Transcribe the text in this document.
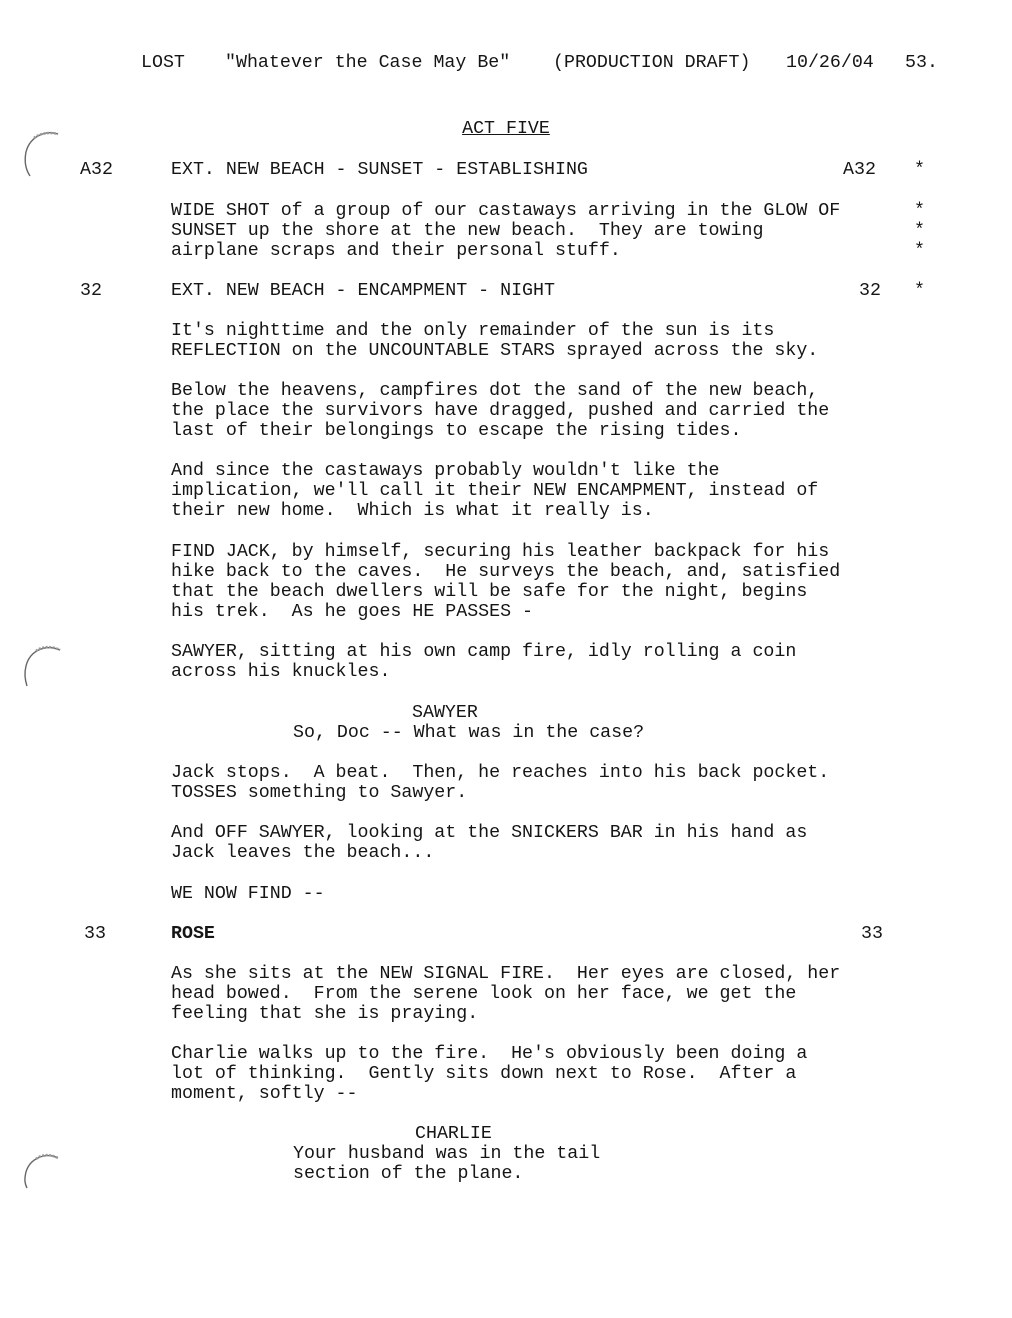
LOST "Whatever the Case May Be" (PRODUCTION DRAFT) 10/26/04 53.
ACT FIVE
A32	EXT. NEW BEACH - SUNSET - ESTABLISHING	A32 *
WIDE SHOT of a group of our castaways arriving in the GLOW OF
SUNSET up the shore at the new beach.  They are towing
airplane scraps and their personal stuff.
*
*
*
32	EXT. NEW BEACH - ENCAMPMENT - NIGHT	32 *
It's nighttime and the only remainder of the sun is its
REFLECTION on the UNCOUNTABLE STARS sprayed across the sky.
Below the heavens, campfires dot the sand of the new beach,
the place the survivors have dragged, pushed and carried the
last of their belongings to escape the rising tides.
And since the castaways probably wouldn't like the
implication, we'll call it their NEW ENCAMPMENT, instead of
their new home.  Which is what it really is.
FIND JACK, by himself, securing his leather backpack for his
hike back to the caves.  He surveys the beach, and, satisfied
that the beach dwellers will be safe for the night, begins
his trek.  As he goes HE PASSES -
SAWYER, sitting at his own camp fire, idly rolling a coin
across his knuckles.
SAWYER
So, Doc -- What was in the case?
Jack stops.  A beat.  Then, he reaches into his back pocket.
TOSSES something to Sawyer.
And OFF SAWYER, looking at the SNICKERS BAR in his hand as
Jack leaves the beach...
WE NOW FIND --
33	ROSE	33
As she sits at the NEW SIGNAL FIRE.  Her eyes are closed, her
head bowed.  From the serene look on her face, we get the
feeling that she is praying.
Charlie walks up to the fire.  He's obviously been doing a
lot of thinking.  Gently sits down next to Rose.  After a
moment, softly --
CHARLIE
Your husband was in the tail
section of the plane.
